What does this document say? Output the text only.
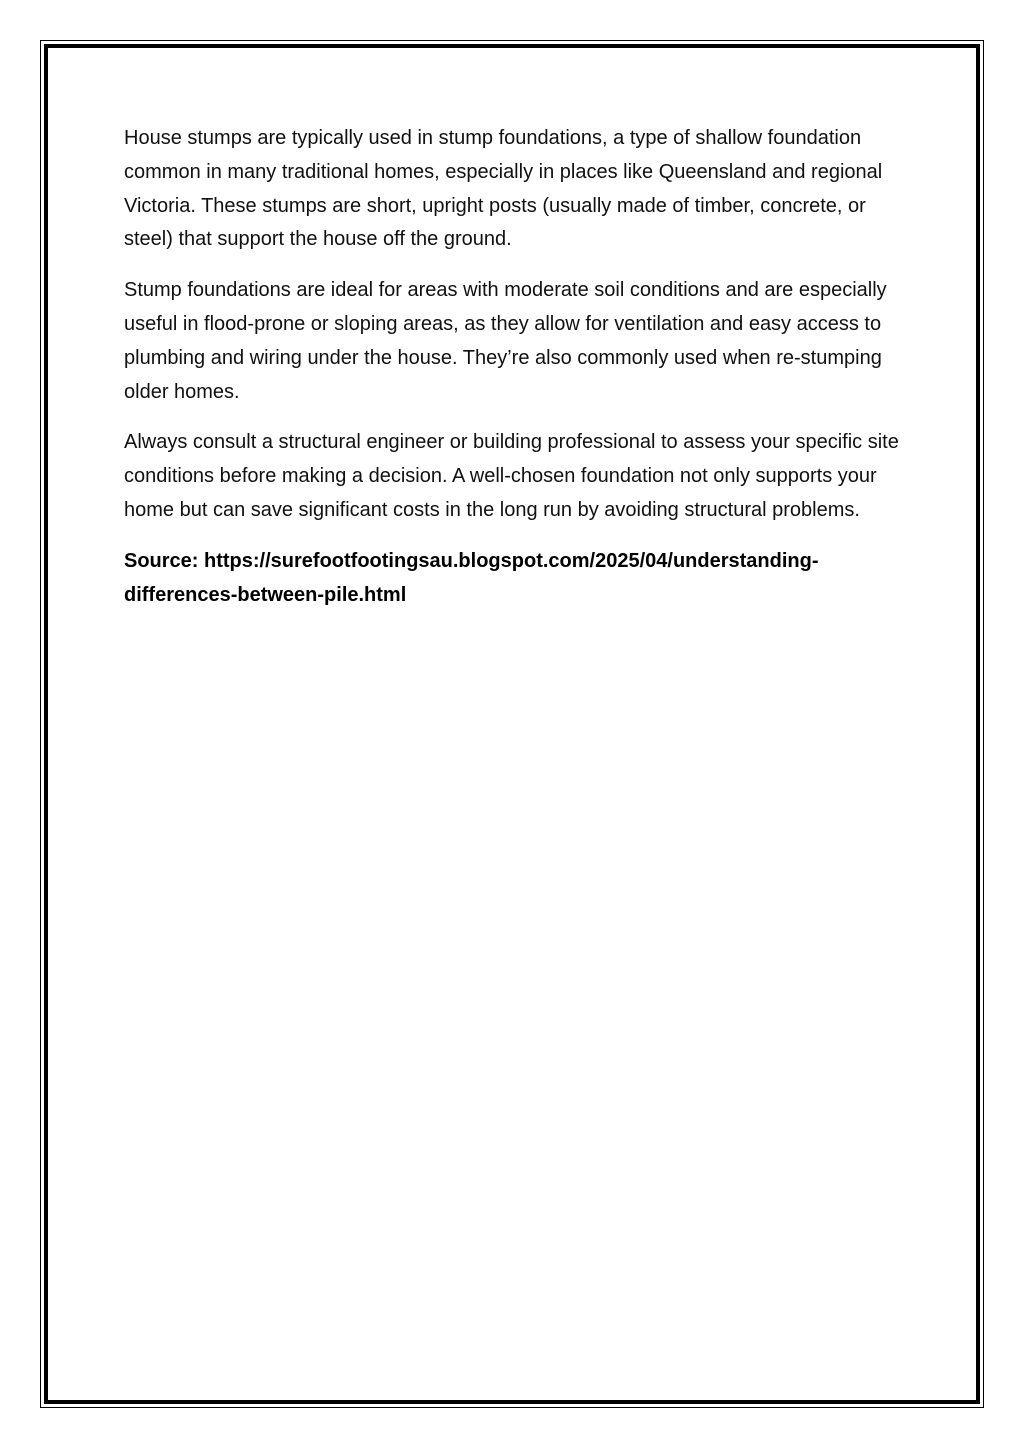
House stumps are typically used in stump foundations, a type of shallow foundation common in many traditional homes, especially in places like Queensland and regional Victoria. These stumps are short, upright posts (usually made of timber, concrete, or steel) that support the house off the ground.

Stump foundations are ideal for areas with moderate soil conditions and are especially useful in flood-prone or sloping areas, as they allow for ventilation and easy access to plumbing and wiring under the house. They’re also commonly used when re-stumping older homes.

Always consult a structural engineer or building professional to assess your specific site conditions before making a decision. A well-chosen foundation not only supports your home but can save significant costs in the long run by avoiding structural problems.

Source: https://surefootfootingsau.blogspot.com/2025/04/understanding-differences-between-pile.html
